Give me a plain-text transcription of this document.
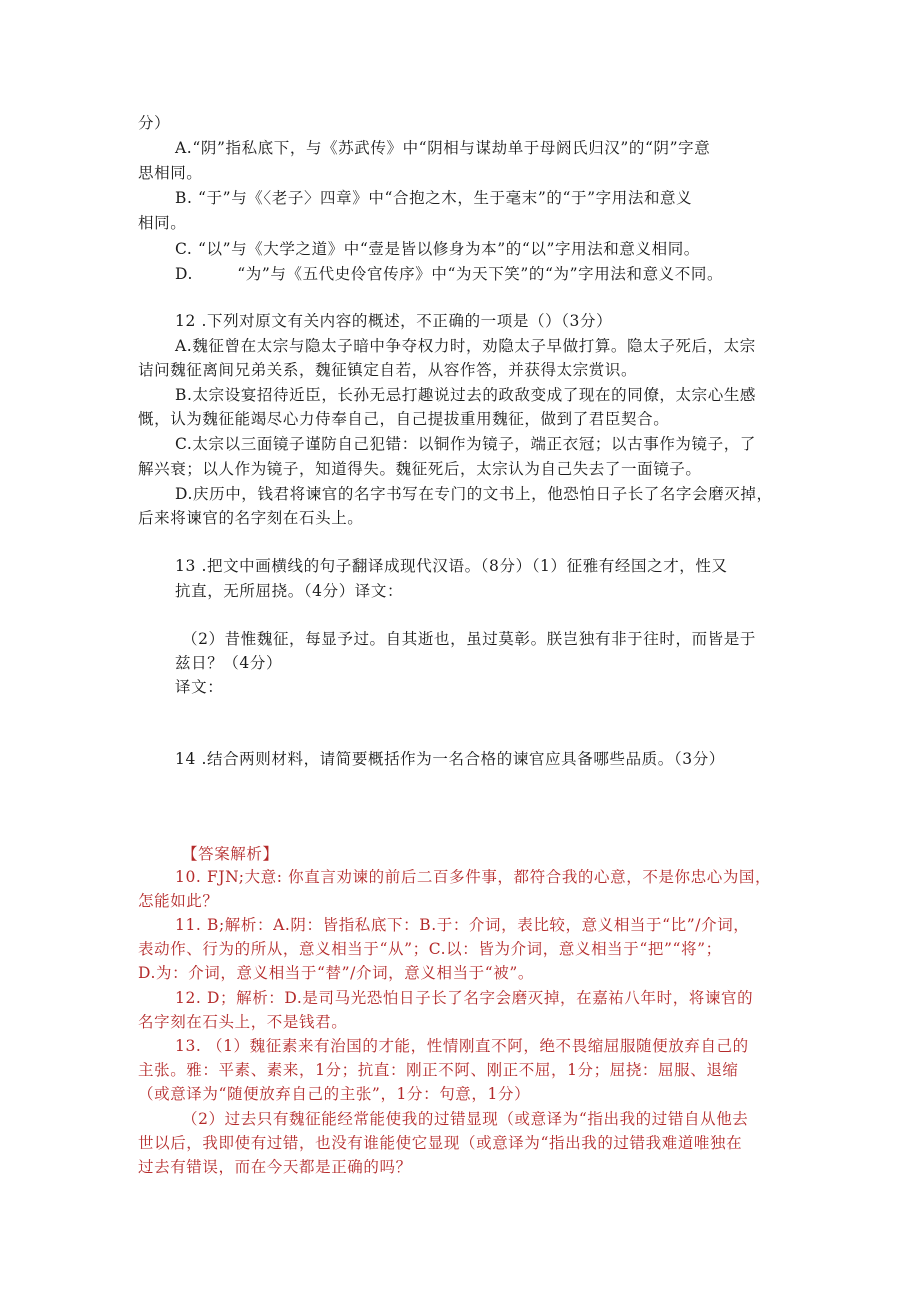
分）
A.“阴”指私底下，与《苏武传》中“阴相与谋劫单于母阏氏归汉”的“阴”字意
思相同。
B. “于”与《〈老子〉四章》中“合抱之木，生于毫末”的“于”字用法和意义
相同。
C. “以”与《大学之道》中“壹是皆以修身为本”的“以”字用法和意义相同。
D.        “为”与《五代史伶官传序》中“为天下笑”的“为”字用法和意义不同。
12 .下列对原文有关内容的概述，不正确的一项是（）（3分）
A.魏征曾在太宗与隐太子暗中争夺权力时，劝隐太子早做打算。隐太子死后，太宗
诘问魏征离间兄弟关系，魏征镇定自若，从容作答，并获得太宗赏识。
B.太宗设宴招待近臣，长孙无忌打趣说过去的政敌变成了现在的同僚，太宗心生感
慨，认为魏征能竭尽心力侍奉自己，自己提拔重用魏征，做到了君臣契合。
C.太宗以三面镜子谨防自己犯错：以铜作为镜子，端正衣冠；以古事作为镜子，了
解兴衰；以人作为镜子，知道得失。魏征死后，太宗认为自己失去了一面镜子。
D.庆历中，钱君将谏官的名字书写在专门的文书上，他恐怕日子长了名字会磨灭掉，
后来将谏官的名字刻在石头上。
13 .把文中画横线的句子翻译成现代汉语。（8分）（1）征雅有经国之才，性又
抗直，无所屈挠。（4分）译文：
（2）昔惟魏征，每显予过。自其逝也，虽过莫彰。朕岂独有非于往时，而皆是于
兹日？（4分）
译文：
14 .结合两则材料，请简要概括作为一名合格的谏官应具备哪些品质。（3分）
【答案解析】
10. FJN;大意: 你直言劝谏的前后二百多件事，都符合我的心意，不是你忠心为国，
怎能如此？
11. B;解析：A.阴：皆指私底下：B.于：介词，表比较，意义相当于“比”/介词，
表动作、行为的所从，意义相当于“从”；C.以：皆为介词，意义相当于“把”“将”；
D.为：介词，意义相当于“替”/介词，意义相当于“被”。
12. D；解析：D.是司马光恐怕日子长了名字会磨灭掉，在嘉祐八年时，将谏官的
名字刻在石头上，不是钱君。
13. （1）魏征素来有治国的才能，性情刚直不阿，绝不畏缩屈服随便放弃自己的
主张。雅：平素、素来，1分；抗直：刚正不阿、刚正不屈，1分；屈挠：屈服、退缩
（或意译为“随便放弃自己的主张”，1分：句意，1分）
（2）过去只有魏征能经常能使我的过错显现（或意译为“指出我的过错自从他去
世以后，我即使有过错，也没有谁能使它显现（或意译为“指出我的过错我难道唯独在
过去有错误，而在今天都是正确的吗？
